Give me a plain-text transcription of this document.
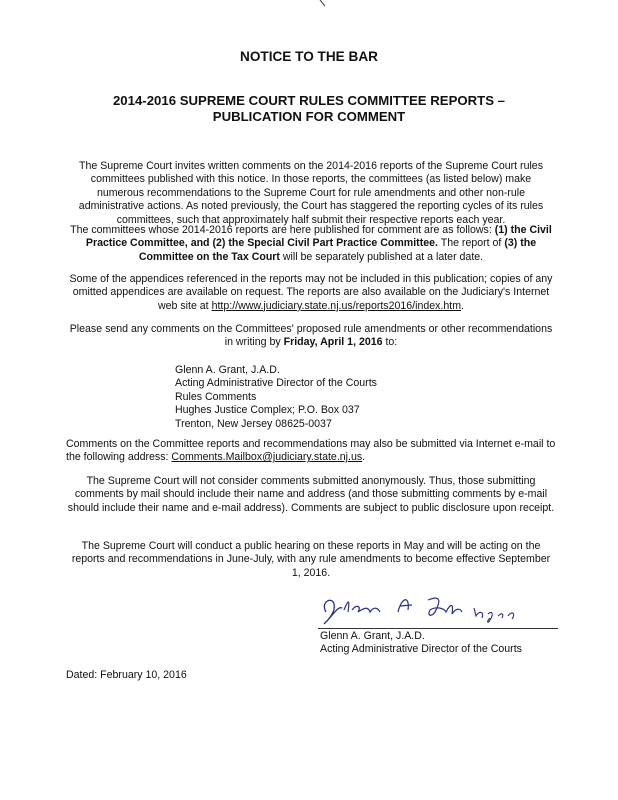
NOTICE TO THE BAR
2014-2016 SUPREME COURT RULES COMMITTEE REPORTS –
PUBLICATION FOR COMMENT
The Supreme Court invites written comments on the 2014-2016 reports of the Supreme Court rules committees published with this notice. In those reports, the committees (as listed below) make numerous recommendations to the Supreme Court for rule amendments and other non-rule administrative actions. As noted previously, the Court has staggered the reporting cycles of its rules committees, such that approximately half submit their respective reports each year.
The committees whose 2014-2016 reports are here published for comment are as follows: (1) the Civil Practice Committee, and (2) the Special Civil Part Practice Committee. The report of (3) the Committee on the Tax Court will be separately published at a later date.
Some of the appendices referenced in the reports may not be included in this publication; copies of any omitted appendices are available on request. The reports are also available on the Judiciary's Internet web site at http://www.judiciary.state.nj.us/reports2016/index.htm.
Please send any comments on the Committees' proposed rule amendments or other recommendations in writing by Friday, April 1, 2016 to:
Glenn A. Grant, J.A.D.
Acting Administrative Director of the Courts
Rules Comments
Hughes Justice Complex; P.O. Box 037
Trenton, New Jersey 08625-0037
Comments on the Committee reports and recommendations may also be submitted via Internet e-mail to the following address: Comments.Mailbox@judiciary.state.nj.us.
The Supreme Court will not consider comments submitted anonymously. Thus, those submitting comments by mail should include their name and address (and those submitting comments by e-mail should include their name and e-mail address). Comments are subject to public disclosure upon receipt.
The Supreme Court will conduct a public hearing on these reports in May and will be acting on the reports and recommendations in June-July, with any rule amendments to become effective September 1, 2016.
Glenn A. Grant, J.A.D.
Acting Administrative Director of the Courts
Dated: February 10, 2016
